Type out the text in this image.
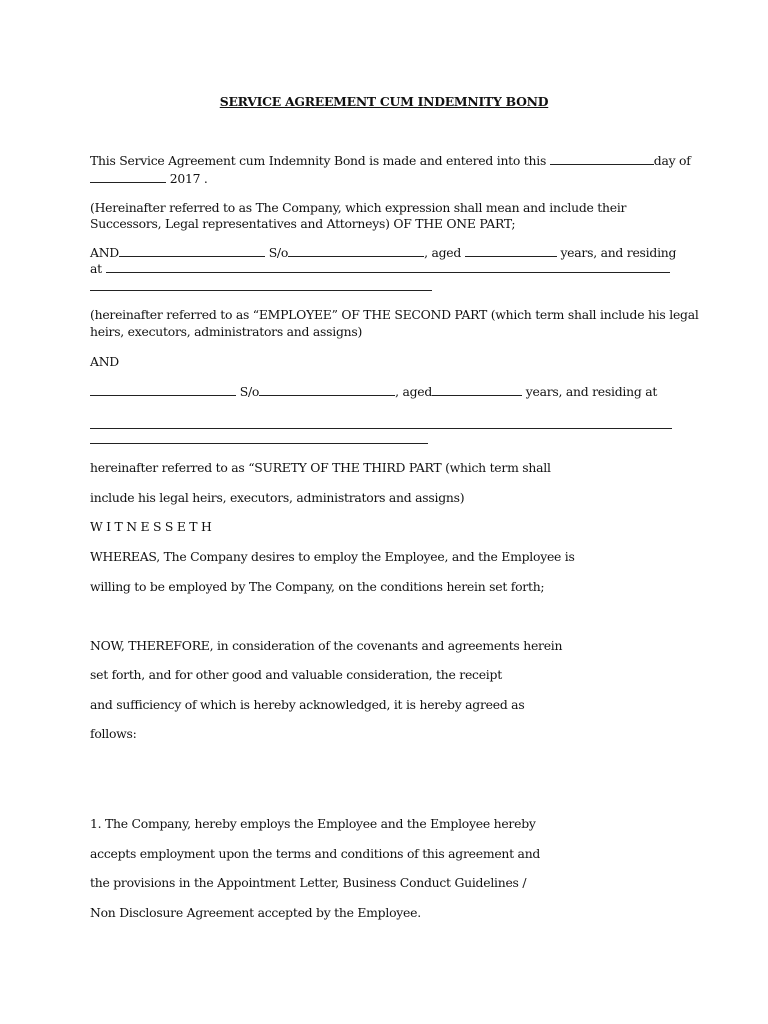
SERVICE AGREEMENT CUM INDEMNITY BOND
This Service Agreement cum Indemnity Bond is made and entered into this	day of
2017 .
(Hereinafter referred to as The Company, which expression shall mean and include their
Successors, Legal representatives and Attorneys) OF THE ONE PART;
AND	S/o	, aged	years, and residing
at
(hereinafter referred to as “EMPLOYEE” OF THE SECOND PART (which term shall include his legal
heirs, executors, administrators and assigns)
AND
S/o	, aged	years, and residing at
hereinafter referred to as “SURETY OF THE THIRD PART (which term shall
include his legal heirs, executors, administrators and assigns)
W I T N E S S E T H
WHEREAS, The Company desires to employ the Employee, and the Employee is
willing to be employed by The Company, on the conditions herein set forth;
NOW, THEREFORE, in consideration of the covenants and agreements herein
set forth, and for other good and valuable consideration, the receipt
and sufficiency of which is hereby acknowledged, it is hereby agreed as
follows:
1. The Company, hereby employs the Employee and the Employee hereby
accepts employment upon the terms and conditions of this agreement and
the provisions in the Appointment Letter, Business Conduct Guidelines /
Non Disclosure Agreement accepted by the Employee.
